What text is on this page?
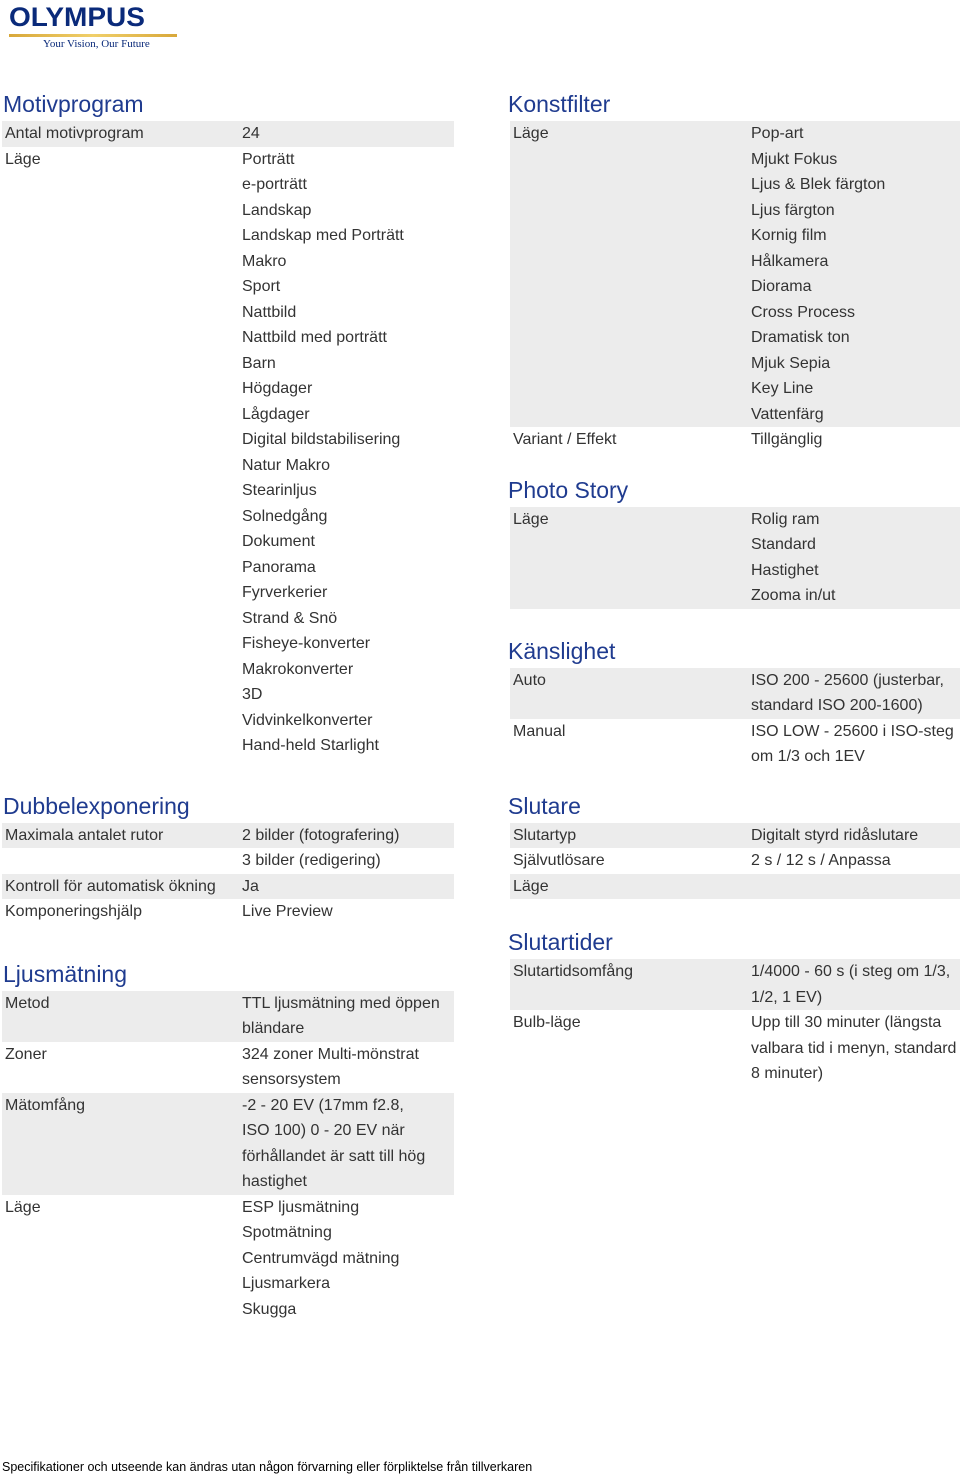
OLYMPUS
Your Vision, Our Future
Motivprogram
Antal motivprogram	24
Läge	Porträtt
e-porträtt
Landskap
Landskap med Porträtt
Makro
Sport
Nattbild
Nattbild med porträtt
Barn
Högdager
Lågdager
Digital bildstabilisering
Natur Makro
Stearinljus
Solnedgång
Dokument
Panorama
Fyrverkerier
Strand & Snö
Fisheye-konverter
Makrokonverter
3D
Vidvinkelkonverter
Hand-held Starlight
Dubbelexponering
Maximala antalet rutor	2 bilder (fotografering)
3 bilder (redigering)
Kontroll för automatisk ökning	Ja
Komponeringshjälp	Live Preview
Ljusmätning
Metod	TTL ljusmätning med öppen
bländare
Zoner	324 zoner Multi-mönstrat
sensorsystem
Mätomfång	-2 - 20 EV (17mm f2.8,
ISO 100) 0 - 20 EV när
förhållandet är satt till hög
hastighet
Läge	ESP ljusmätning
Spotmätning
Centrumvägd mätning
Ljusmarkera
Skugga
Konstfilter
Läge	Pop-art
Mjukt Fokus
Ljus & Blek färgton
Ljus färgton
Kornig film
Hålkamera
Diorama
Cross Process
Dramatisk ton
Mjuk Sepia
Key Line
Vattenfärg
Variant / Effekt	Tillgänglig
Photo Story
Läge	Rolig ram
Standard
Hastighet
Zooma in/ut
Känslighet
Auto	ISO 200 - 25600 (justerbar,
standard ISO 200-1600)
Manual	ISO LOW - 25600 i ISO-steg
om 1/3 och 1EV
Slutare
Slutartyp	Digitalt styrd ridåslutare
Självutlösare	2 s / 12 s / Anpassa
Läge
Slutartider
Slutartidsomfång	1/4000 - 60 s (i steg om 1/3,
1/2, 1 EV)
Bulb-läge	Upp till 30 minuter (längsta
valbara tid i menyn, standard
8 minuter)
Specifikationer och utseende kan ändras utan någon förvarning eller förpliktelse från tillverkaren
